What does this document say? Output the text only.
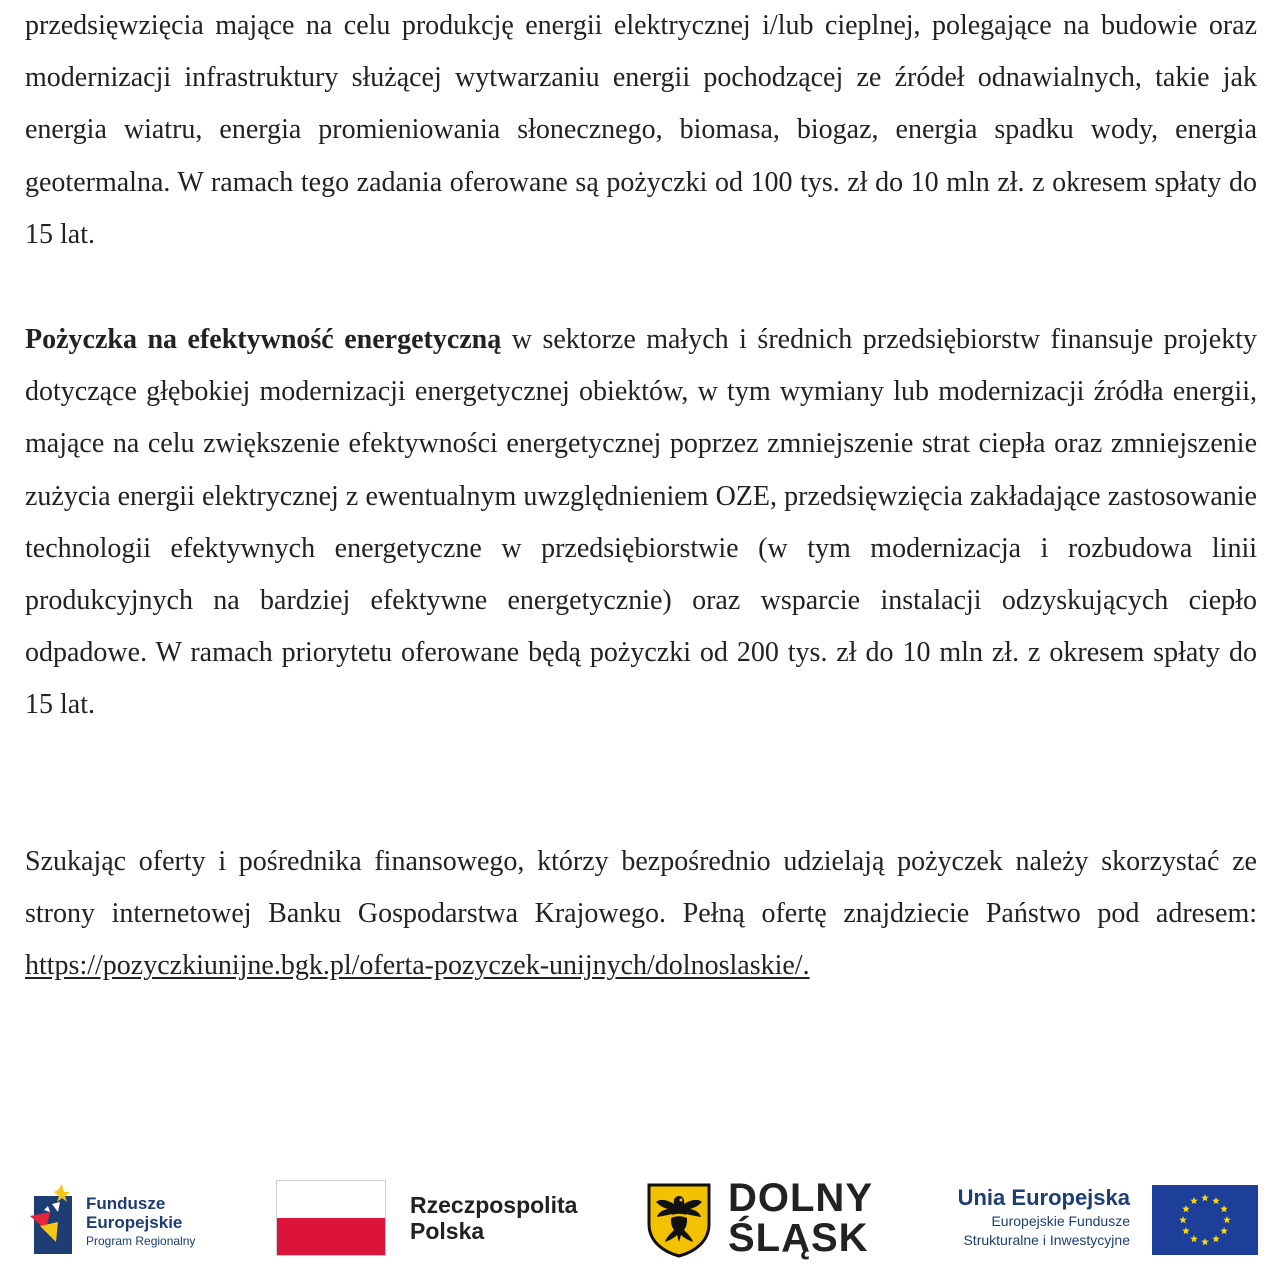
przedsięwzięcia mające na celu produkcję energii elektrycznej i/lub cieplnej, polegające na budowie oraz modernizacji infrastruktury służącej wytwarzaniu energii pochodzącej ze źródeł odnawialnych, takie jak energia wiatru, energia promieniowania słonecznego, biomasa, biogaz, energia spadku wody, energia geotermalna. W ramach tego zadania oferowane są pożyczki od 100 tys. zł do 10 mln zł. z okresem spłaty do 15 lat.

Pożyczka na efektywność energetyczną w sektorze małych i średnich przedsiębiorstw finansuje projekty dotyczące głębokiej modernizacji energetycznej obiektów, w tym wymiany lub modernizacji źródła energii, mające na celu zwiększenie efektywności energetycznej poprzez zmniejszenie strat ciepła oraz zmniejszenie zużycia energii elektrycznej z ewentualnym uwzględnieniem OZE, przedsięwzięcia zakładające zastosowanie technologii efektywnych energetyczne w przedsiębiorstwie (w tym modernizacja i rozbudowa linii produkcyjnych na bardziej efektywne energetycznie) oraz wsparcie instalacji odzyskujących ciepło odpadowe. W ramach priorytetu oferowane będą pożyczki od 200 tys. zł do 10 mln zł. z okresem spłaty do 15 lat.

Szukając oferty i pośrednika finansowego, którzy bezpośrednio udzielają pożyczek należy skorzystać ze strony internetowej Banku Gospodarstwa Krajowego. Pełną ofertę znajdziecie Państwo pod adresem: https://pozyczkiunijne.bgk.pl/oferta-pozyczek-unijnych/dolnoslaskie/.

Fundusze
Europejskie
Program Regionalny
Rzeczpospolita
Polska
DOLNY
ŚLĄSK
Unia Europejska
Europejskie Fundusze
Strukturalne i Inwestycyjne
